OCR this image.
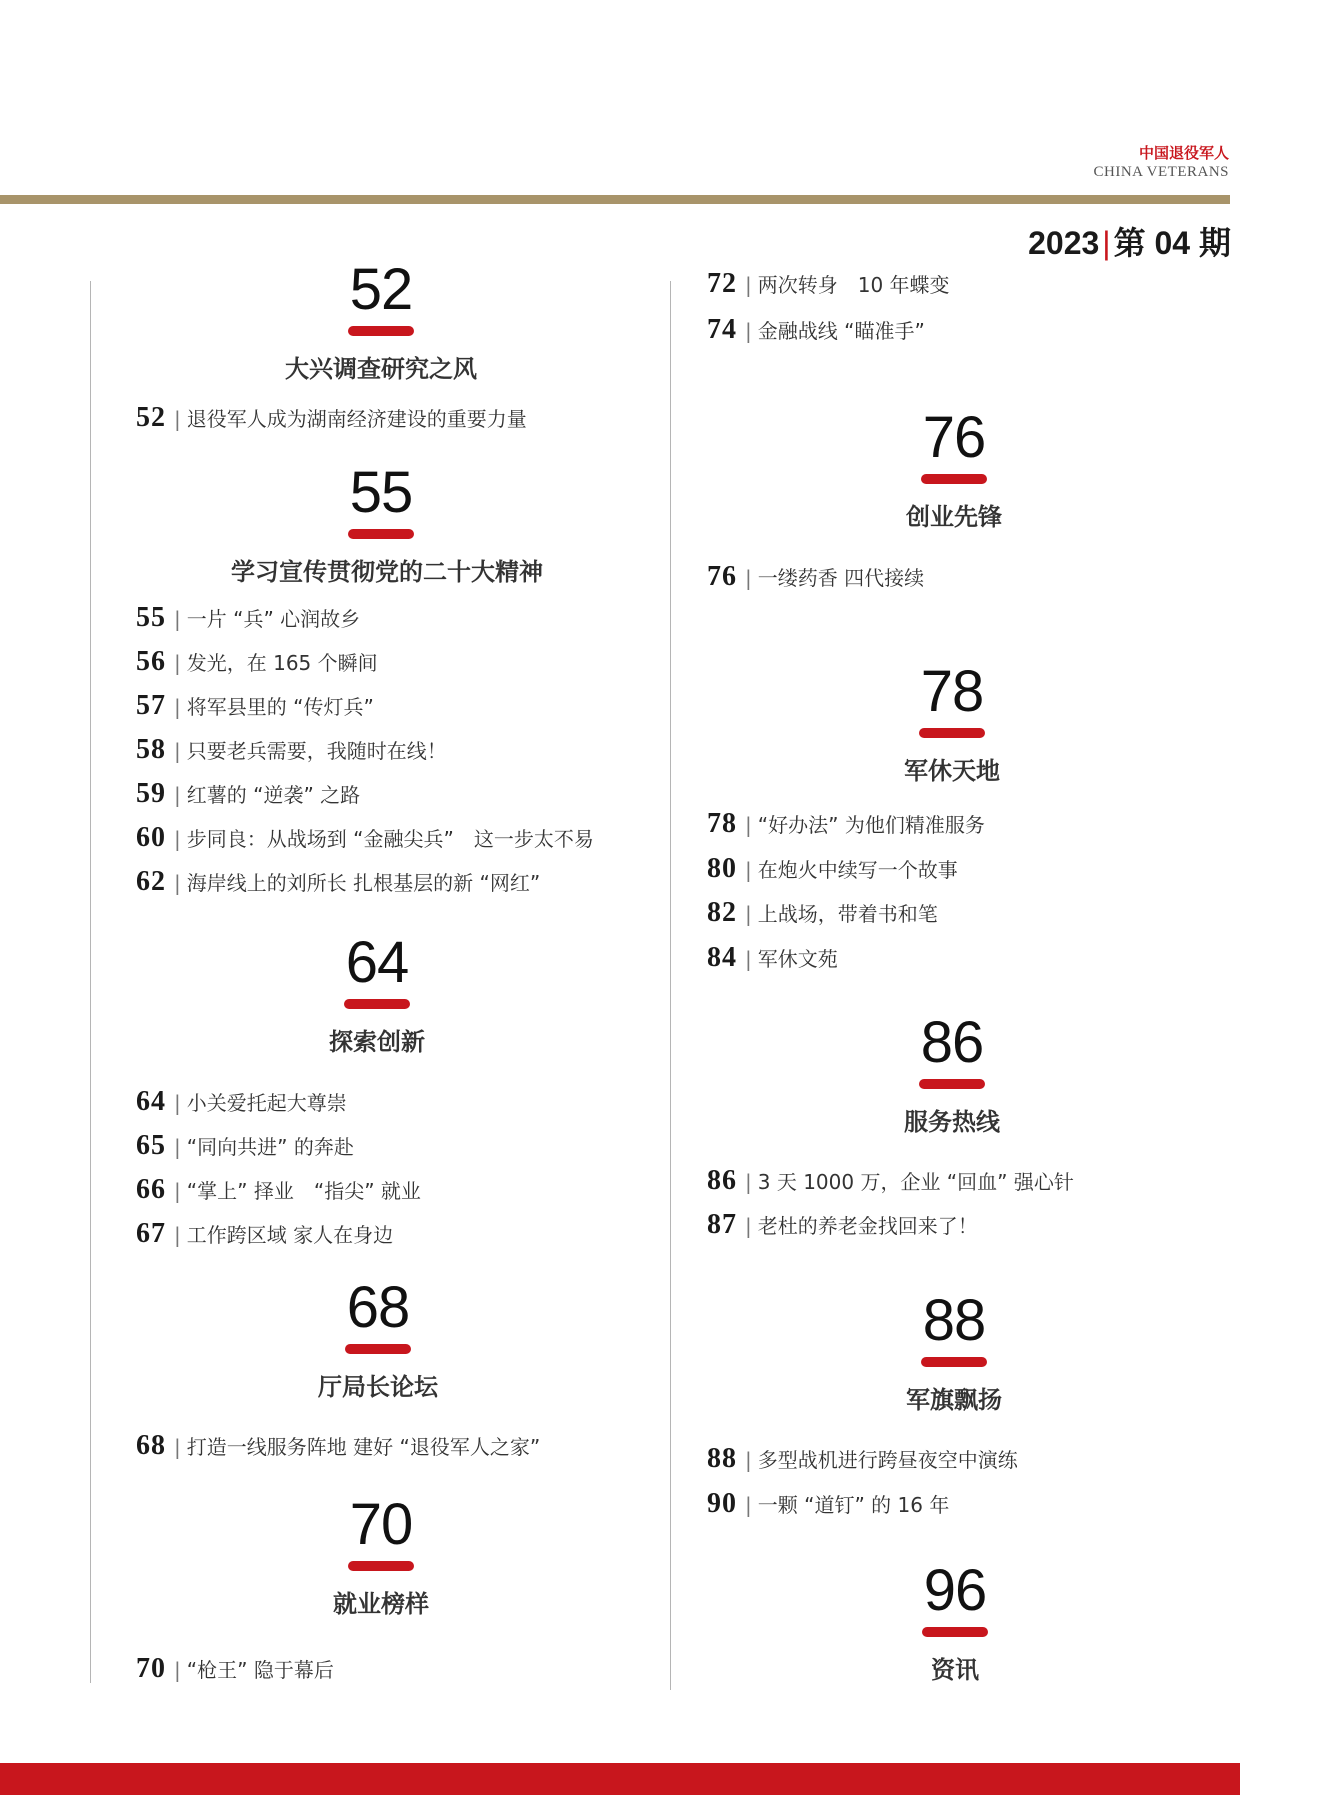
中国退役军人
CHINA VETERANS
2023|第 04 期
52
大兴调查研究之风
52 | 退役军人成为湖南经济建设的重要力量
55
学习宣传贯彻党的二十大精神
55 | 一片 “兵” 心润故乡
56 | 发光，在 165 个瞬间
57 | 将军县里的 “传灯兵”
58 | 只要老兵需要，我随时在线！
59 | 红薯的 “逆袭” 之路
60 | 步同良：从战场到 “金融尖兵”　这一步太不易
62 | 海岸线上的刘所长 扎根基层的新 “网红”
64
探索创新
64 | 小关爱托起大尊崇
65 | “同向共进” 的奔赴
66 | “掌上” 择业　“指尖” 就业
67 | 工作跨区域 家人在身边
68
厅局长论坛
68 | 打造一线服务阵地 建好 “退役军人之家”
70
就业榜样
70 | “枪王” 隐于幕后
72 | 两次转身　10 年蝶变
74 | 金融战线 “瞄准手”
76
创业先锋
76 | 一缕药香 四代接续
78
军休天地
78 | “好办法” 为他们精准服务
80 | 在炮火中续写一个故事
82 | 上战场，带着书和笔
84 | 军休文苑
86
服务热线
86 | 3 天 1000 万，企业 “回血” 强心针
87 | 老杜的养老金找回来了！
88
军旗飘扬
88 | 多型战机进行跨昼夜空中演练
90 | 一颗 “道钉” 的 16 年
96
资讯
